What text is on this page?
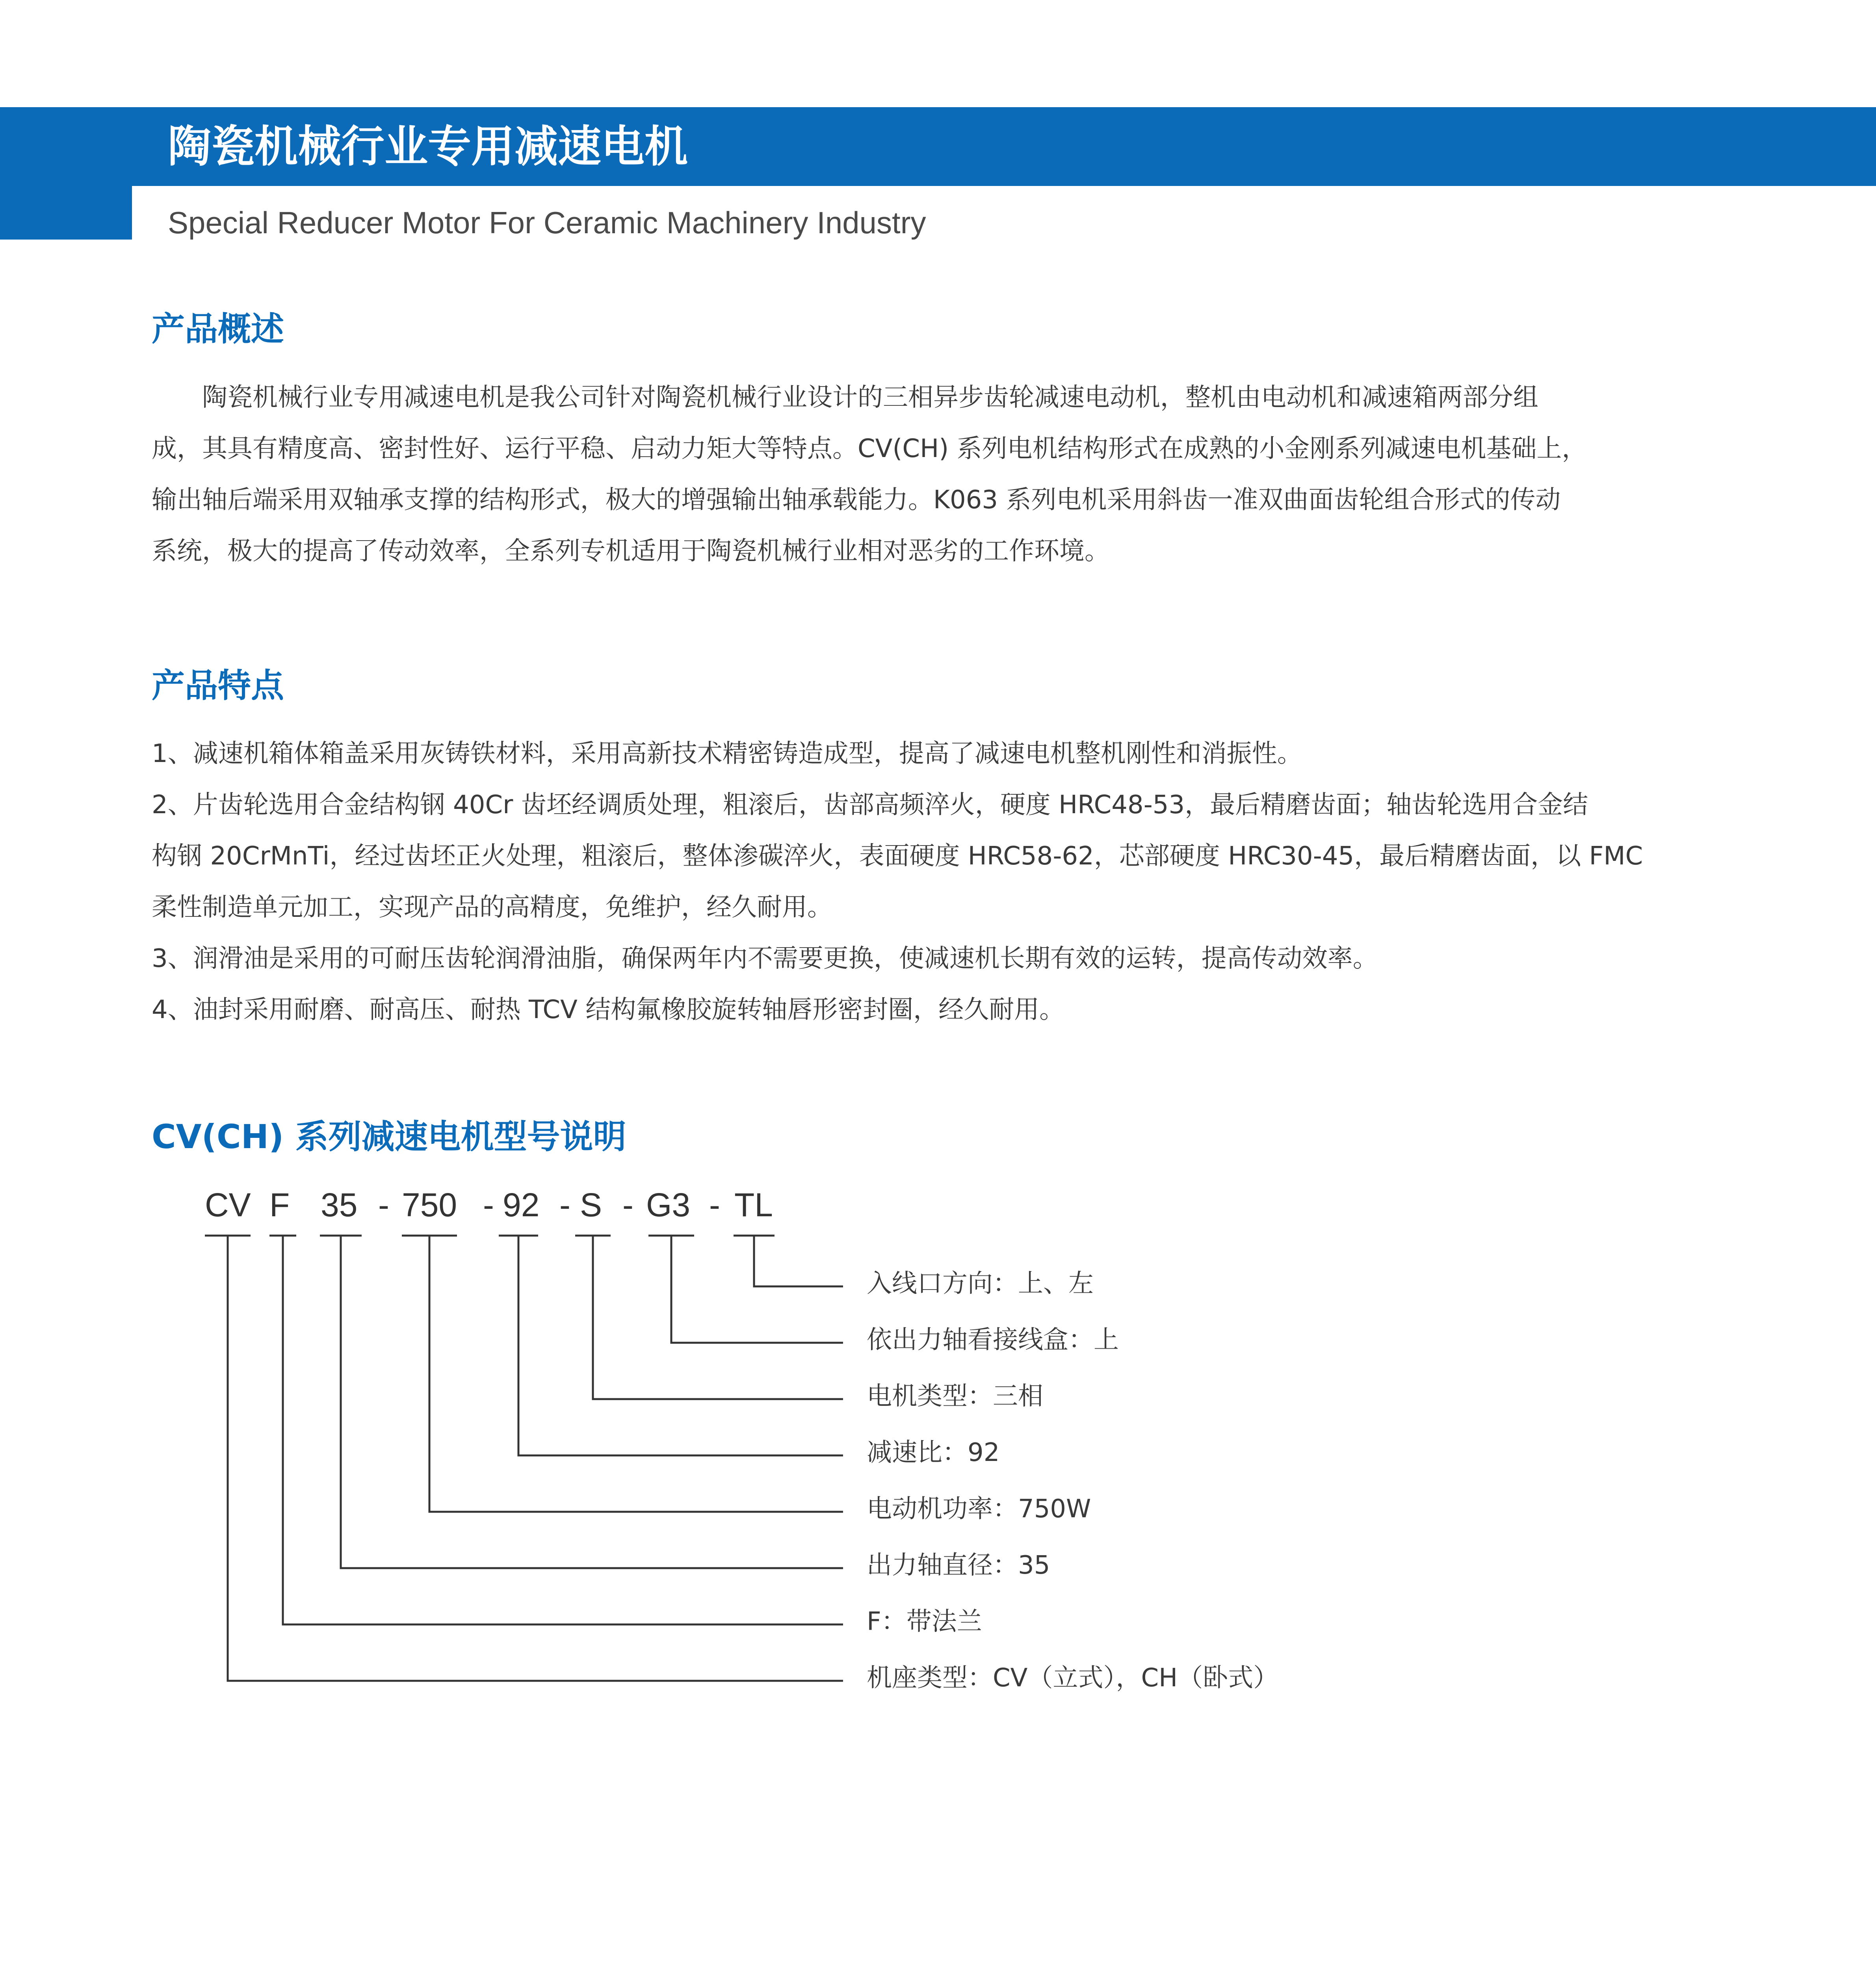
陶瓷机械行业专用减速电机
Special Reducer Motor For Ceramic Machinery Industry
产品概述

陶瓷机械行业专用减速电机是我公司针对陶瓷机械行业设计的三相异步齿轮减速电动机，整机由电动机和减速箱两部分组

成，其具有精度高、密封性好、运行平稳、启动力矩大等特点。CV(CH) 系列电机结构形式在成熟的小金刚系列减速电机基础上，

输出轴后端采用双轴承支撑的结构形式，极大的增强输出轴承载能力。K063 系列电机采用斜齿一准双曲面齿轮组合形式的传动

系统，极大的提高了传动效率，全系列专机适用于陶瓷机械行业相对恶劣的工作环境。

产品特点

1、减速机箱体箱盖采用灰铸铁材料，采用高新技术精密铸造成型，提高了减速电机整机刚性和消振性。

2、片齿轮选用合金结构钢 40Cr 齿坯经调质处理，粗滚后，齿部高频淬火，硬度 HRC48-53，最后精磨齿面；轴齿轮选用合金结

构钢 20CrMnTi，经过齿坯正火处理，粗滚后，整体渗碳淬火，表面硬度 HRC58-62，芯部硬度 HRC30-45，最后精磨齿面，以 FMC

柔性制造单元加工，实现产品的高精度，免维护，经久耐用。

3、润滑油是采用的可耐压齿轮润滑油脂，确保两年内不需要更换，使减速机长期有效的运转，提高传动效率。

4、油封采用耐磨、耐高压、耐热 TCV 结构氟橡胶旋转轴唇形密封圈，经久耐用。

CV(CH) 系列减速电机型号说明
CV F 35 - 750 - 92 - S - G3 - TL
入线口方向：上、左
依出力轴看接线盒：上
电机类型：三相
减速比：92
电动机功率：750W
出力轴直径：35
F：带法兰
机座类型：CV（立式），CH（卧式）
